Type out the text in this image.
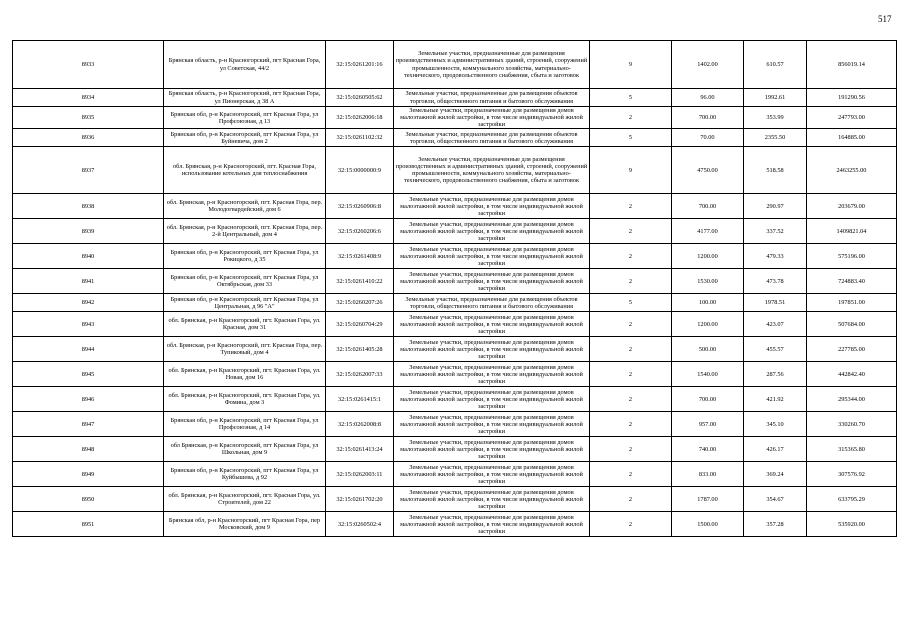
517
8933	Брянская область, р-н Красногорский, пгт Красная Гора, ул Советская, 44/2	32:15:0261201:16	Земельные участки, предназначенные для размещения производственных и административных зданий, строений, сооружений промышленности, коммунального хозяйства, материально-технического, продовольственного снабжения, сбыта и заготовок	9	1402.00	610.57	856019.14
8934	Брянская область, р-н Красногорский, пгт Красная Гора, ул Пионерская, д 38 А	32:15:0260505:62	Земельные участки, предназначенные для размещения объектов торговли, общественного питания и бытового обслуживания	5	96.00	1992.61	191290.56
8935	Брянская обл, р-н Красногорский, пгт Красная Гора, ул Профсоюзная, д 13	32:15:0262006:18	Земельные участки, предназначенные для размещения домов малоэтажной жилой застройки, в том числе индивидуальной жилой застройки	2	700.00	353.99	247793.00
8936	Брянская обл, р-н Красногорский, пгт Красная Гора, ул Буйневича, дом 2	32:15:0261102:32	Земельные участки, предназначенные для размещения объектов торговли, общественного питания и бытового обслуживания	5	70.00	2355.50	164885.00
8937	обл. Брянская, р-н Красногорский, пгт. Красная Гора, использование котельных для теплоснабжения	32:15:0000000:9	Земельные участки, предназначенные для размещения производственных и административных зданий, строений, сооружений промышленности, коммунального хозяйства, материально-технического, продовольственного снабжения, сбыта и заготовок	9	4750.00	518.58	2463255.00
8938	обл. Брянская, р-н Красногорский, пгт. Красная Гора, пер. Молодогвардейский, дом 6	32:15:0260906:8	Земельные участки, предназначенные для размещения домов малоэтажной жилой застройки, в том числе индивидуальной жилой застройки	2	700.00	290.97	203679.00
8939	обл. Брянская, р-н Красногорский, пгт. Красная Гора, пер. 2-й Центральный, дом 4	32:15:0260206:6	Земельные участки, предназначенные для размещения домов малоэтажной жилой застройки, в том числе индивидуальной жилой застройки	2	4177.00	337.52	1409821.04
8940	Брянская обл, р-н Красногорский, пгт Красная Гора, ул Рокицкого, д 35	32:15:0261408:9	Земельные участки, предназначенные для размещения домов малоэтажной жилой застройки, в том числе индивидуальной жилой застройки	2	1200.00	479.33	575196.00
8941	Брянская обл, р-н Красногорский, пгт Красная Гора, ул Октябрьская, дом 33	32:15:0261410:22	Земельные участки, предназначенные для размещения домов малоэтажной жилой застройки, в том числе индивидуальной жилой застройки	2	1530.00	473.78	724883.40
8942	Брянская обл, р-н Красногорский, пгт Красная Гора, ул Центральная, д 96 "А"	32:15:0260207:26	Земельные участки, предназначенные для размещения объектов торговли, общественного питания и бытового обслуживания	5	100.00	1978.51	197851.00
8943	обл. Брянская, р-н Красногорский, пгт. Красная Гора, ул. Красная, дом 31	32:15:0260704:29	Земельные участки, предназначенные для размещения домов малоэтажной жилой застройки, в том числе индивидуальной жилой застройки	2	1200.00	423.07	507684.00
8944	обл. Брянская, р-н Красногорский, пгт. Красная Гора, пер. Тупиковый, дом 4	32:15:0261405:28	Земельные участки, предназначенные для размещения домов малоэтажной жилой застройки, в том числе индивидуальной жилой застройки	2	500.00	455.57	227785.00
8945	обл. Брянская, р-н Красногорский, пгт. Красная Гора, ул. Новая, дом 16	32:15:0262007:33	Земельные участки, предназначенные для размещения домов малоэтажной жилой застройки, в том числе индивидуальной жилой застройки	2	1540.00	287.56	442842.40
8946	обл. Брянская, р-н Красногорский, пгт. Красная Гора, ул. Фомина, дом 3	32:15:0261415:1	Земельные участки, предназначенные для размещения домов малоэтажной жилой застройки, в том числе индивидуальной жилой застройки	2	700.00	421.92	295344.00
8947	Брянская обл, р-н Красногорский, пгт Красная Гора, ул Профсоюзная, д 14	32:15:0262008:8	Земельные участки, предназначенные для размещения домов малоэтажной жилой застройки, в том числе индивидуальной жилой застройки	2	957.00	345.10	330260.70
8948	обл Брянская, р-н Красногорский, пгт Красная Гора, ул Школьная, дом 9	32:15:0261413:24	Земельные участки, предназначенные для размещения домов малоэтажной жилой застройки, в том числе индивидуальной жилой застройки	2	740.00	426.17	315365.80
8949	Брянская обл, р-н Красногорский, пгт Красная Гора, ул Куйбышева, д 92	32:15:0262003:11	Земельные участки, предназначенные для размещения домов малоэтажной жилой застройки, в том числе индивидуальной жилой застройки	2	833.00	369.24	307576.92
8950	обл. Брянская, р-н Красногорский, пгт. Красная Гора, ул. Строителей, дом 22	32:15:0261702:20	Земельные участки, предназначенные для размещения домов малоэтажной жилой застройки, в том числе индивидуальной жилой застройки	2	1787.00	354.67	633795.29
8951	Брянская обл, р-н Красногорский, пгт Красная Гора, пер Московский, дом 9	32:15:0260502:4	Земельные участки, предназначенные для размещения домов малоэтажной жилой застройки, в том числе индивидуальной жилой застройки	2	1500.00	357.28	535920.00
